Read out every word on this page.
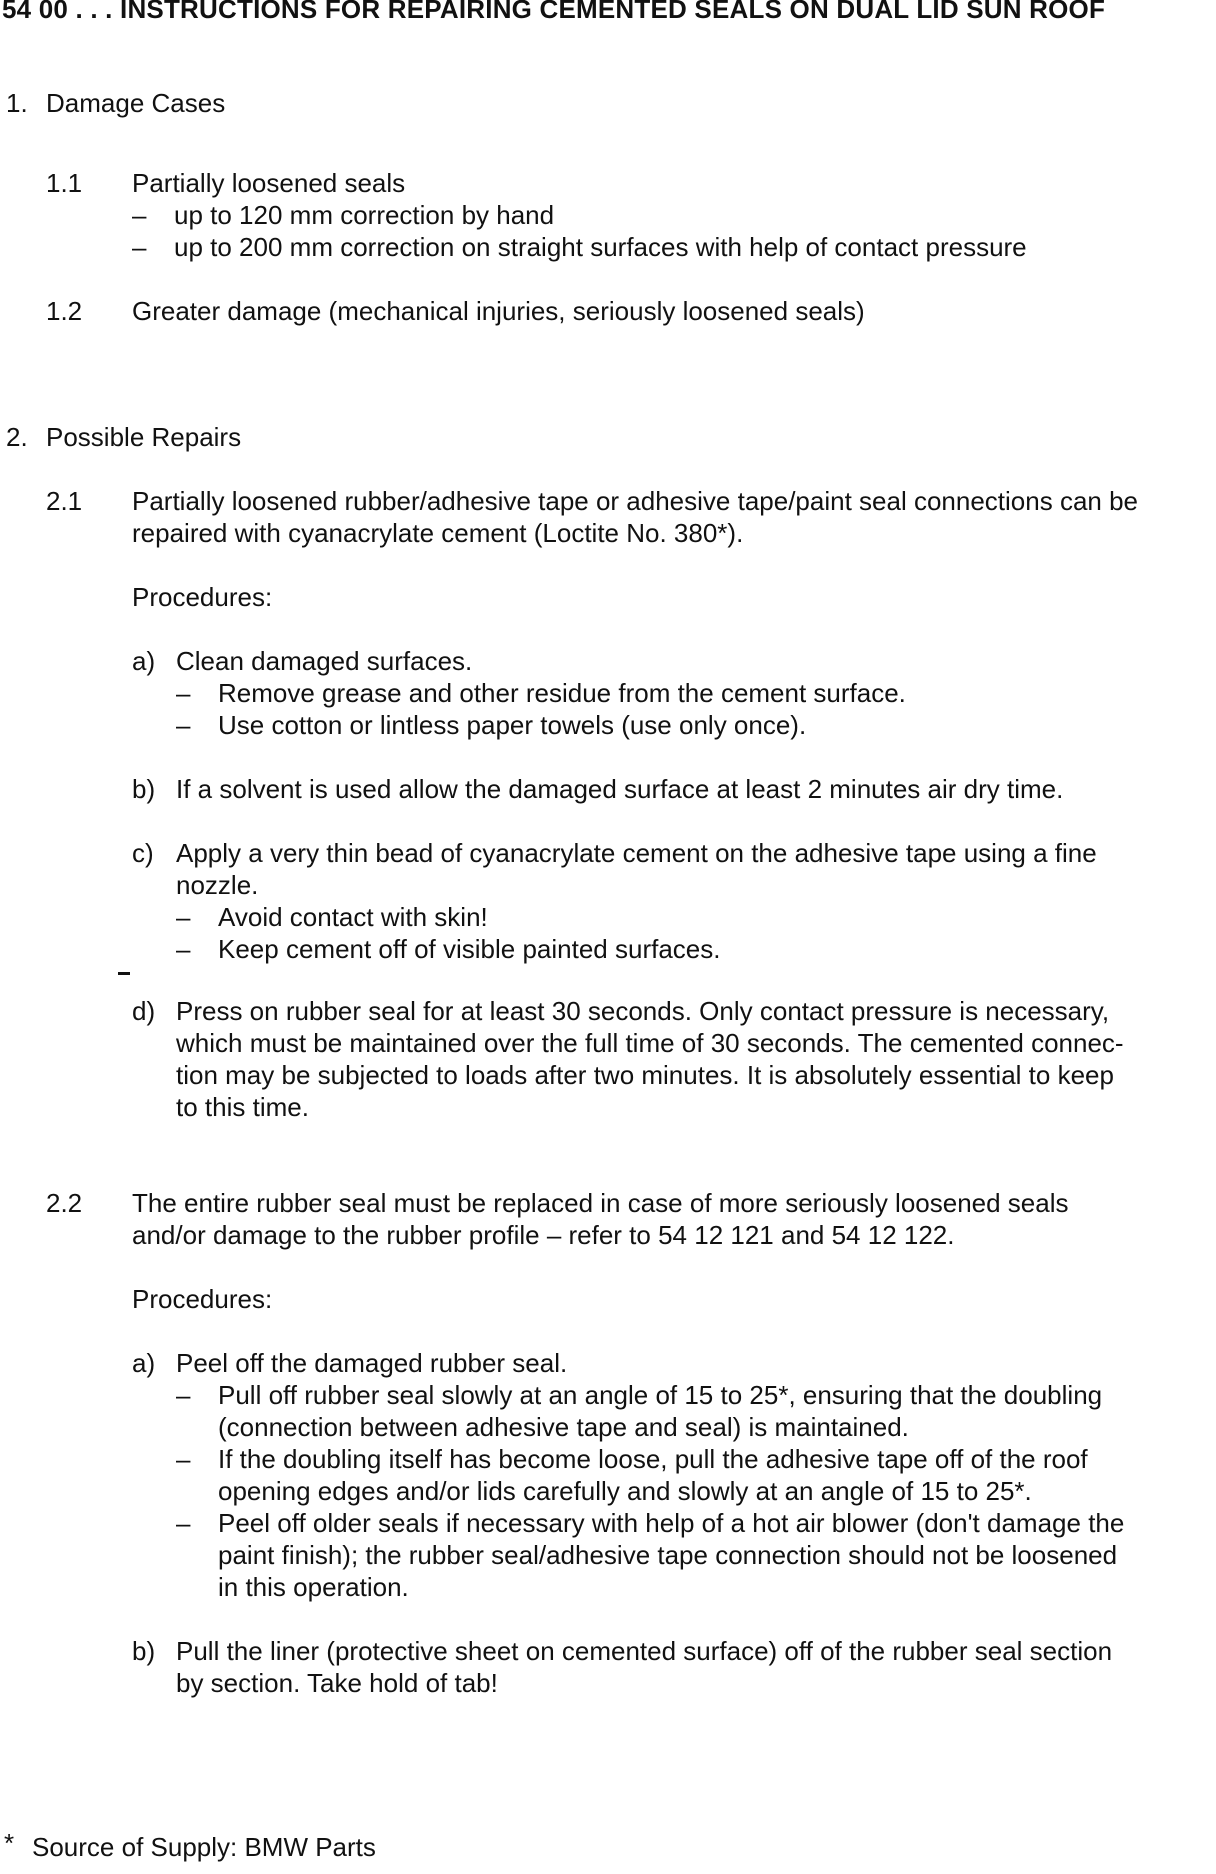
54 00 . . . INSTRUCTIONS FOR REPAIRING CEMENTED SEALS ON DUAL LID SUN ROOF
1. Damage Cases
1.1 Partially loosened seals
– up to 120 mm correction by hand
– up to 200 mm correction on straight surfaces with help of contact pressure
1.2 Greater damage (mechanical injuries, seriously loosened seals)
2. Possible Repairs
2.1 Partially loosened rubber/adhesive tape or adhesive tape/paint seal connections can be
repaired with cyanacrylate cement (Loctite No. 380*).
Procedures:
a) Clean damaged surfaces.
– Remove grease and other residue from the cement surface.
– Use cotton or lintless paper towels (use only once).
b) If a solvent is used allow the damaged surface at least 2 minutes air dry time.
c) Apply a very thin bead of cyanacrylate cement on the adhesive tape using a fine
nozzle.
– Avoid contact with skin!
– Keep cement off of visible painted surfaces.
d) Press on rubber seal for at least 30 seconds. Only contact pressure is necessary,
which must be maintained over the full time of 30 seconds. The cemented connec-
tion may be subjected to loads after two minutes. It is absolutely essential to keep
to this time.
2.2 The entire rubber seal must be replaced in case of more seriously loosened seals
and/or damage to the rubber profile – refer to 54 12 121 and 54 12 122.
Procedures:
a) Peel off the damaged rubber seal.
– Pull off rubber seal slowly at an angle of 15 to 25*, ensuring that the doubling
(connection between adhesive tape and seal) is maintained.
– If the doubling itself has become loose, pull the adhesive tape off of the roof
opening edges and/or lids carefully and slowly at an angle of 15 to 25*.
– Peel off older seals if necessary with help of a hot air blower (don't damage the
paint finish); the rubber seal/adhesive tape connection should not be loosened
in this operation.
b) Pull the liner (protective sheet on cemented surface) off of the rubber seal section
by section. Take hold of tab!
* Source of Supply: BMW Parts
